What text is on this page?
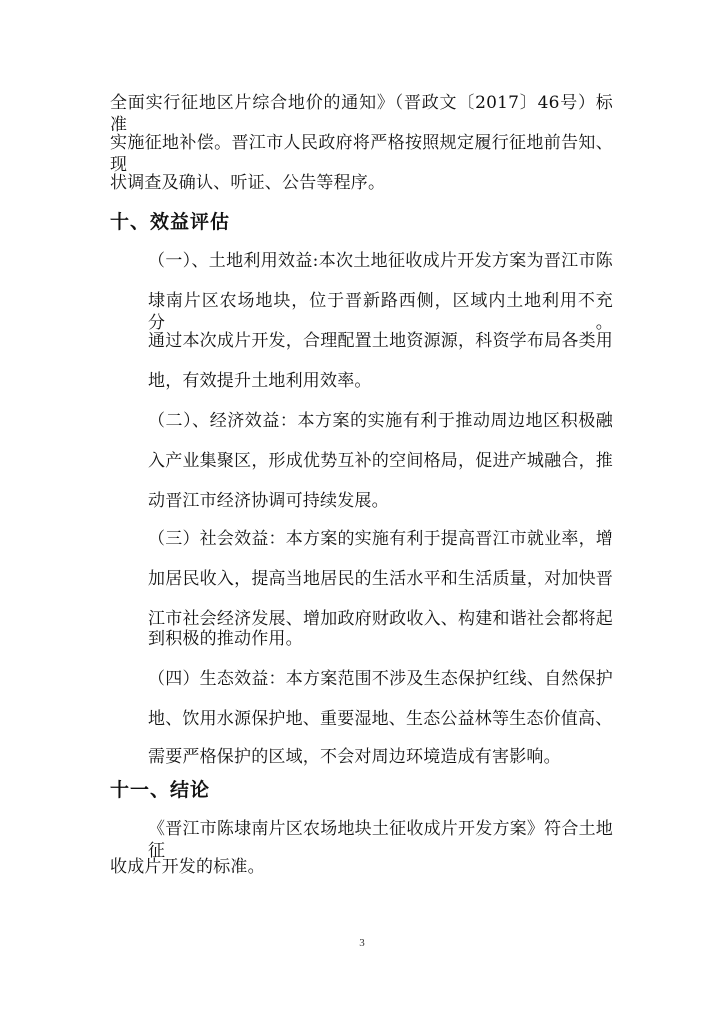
全面实行征地区片综合地价的通知》（晋政文〔2017〕46号）标准
实施征地补偿。晋江市人民政府将严格按照规定履行征地前告知、现
状调查及确认、听证、公告等程序。
十、效益评估
（一）、土地利用效益:本次土地征收成片开发方案为晋江市陈
埭南片区农场地块，位于晋新路西侧，区域内土地利用不充分。
通过本次成片开发，合理配置土地资源源，科资学布局各类用
地，有效提升土地利用效率。
（二）、经济效益：本方案的实施有利于推动周边地区积极融
入产业集聚区，形成优势互补的空间格局，促进产城融合，推
动晋江市经济协调可持续发展。
（三）社会效益：本方案的实施有利于提高晋江市就业率，增
加居民收入，提高当地居民的生活水平和生活质量，对加快晋
江市社会经济发展、增加政府财政收入、构建和谐社会都将起
到积极的推动作用。
（四）生态效益：本方案范围不涉及生态保护红线、自然保护
地、饮用水源保护地、重要湿地、生态公益林等生态价值高、
需要严格保护的区域，不会对周边环境造成有害影响。
十一、结论
《晋江市陈埭南片区农场地块土征收成片开发方案》符合土地征
收成片开发的标准。
3
